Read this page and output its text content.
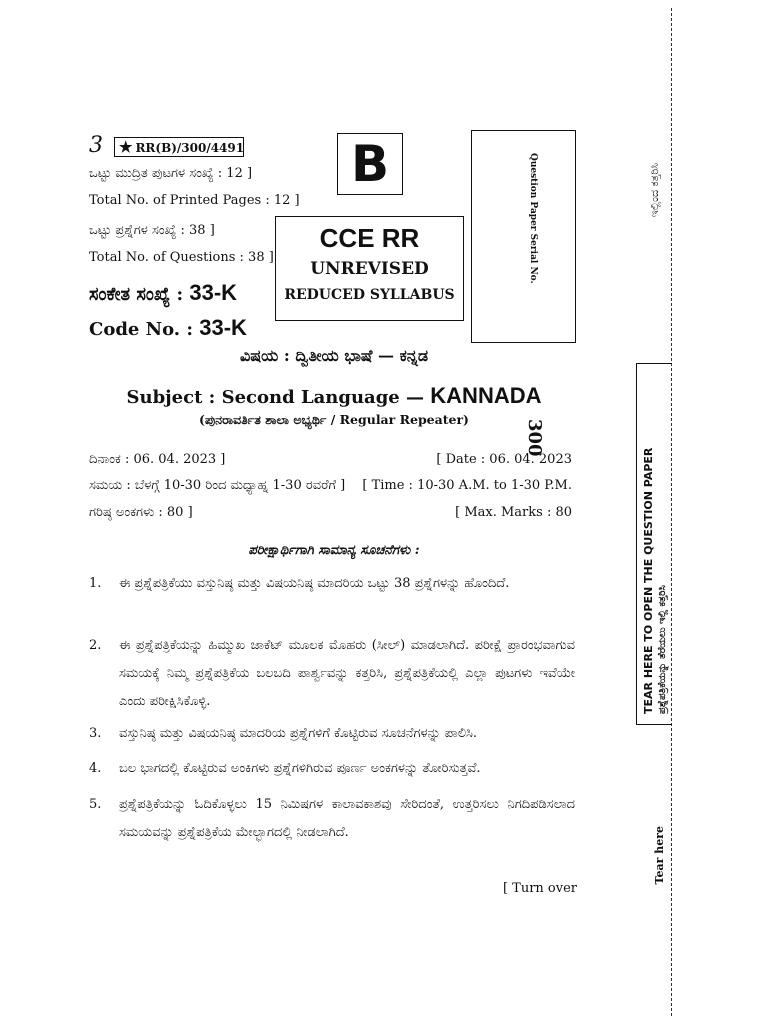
3	★ RR(B)/300/4491
ಒಟ್ಟು ಮುದ್ರಿತ ಪುಟಗಳ ಸಂಖ್ಯೆ : 12 ]
Total No. of Printed Pages : 12 ]
ಒಟ್ಟು ಪ್ರಶ್ನೆಗಳ ಸಂಖ್ಯೆ : 38 ]
Total No. of Questions : 38 ]
ಸಂಕೇತ ಸಂಖ್ಯೆ : 33-K
Code No. : 33-K
B
CCE RR
UNREVISED
REDUCED SYLLABUS
Question Paper Serial No.
300
ವಿಷಯ : ದ್ವಿತೀಯ ಭಾಷೆ — ಕನ್ನಡ
Subject : Second Language — KANNADA
(ಪುನರಾವರ್ತಿತ ಶಾಲಾ ಅಭ್ಯರ್ಥಿ / Regular Repeater)
ದಿನಾಂಕ : 06. 04. 2023 ]	[ Date : 06. 04. 2023
ಸಮಯ : ಬೆಳಗ್ಗೆ 10-30 ರಿಂದ ಮಧ್ಯಾಹ್ನ 1-30 ರವರೆಗೆ ] [ Time : 10-30 A.M. to 1-30 P.M.
ಗರಿಷ್ಠ ಅಂಕಗಳು : 80 ]	[ Max. Marks : 80
ಪರೀಕ್ಷಾರ್ಥಿಗಾಗಿ ಸಾಮಾನ್ಯ ಸೂಚನೆಗಳು :
1. ಈ ಪ್ರಶ್ನೆಪತ್ರಿಕೆಯು ವಸ್ತುನಿಷ್ಠ ಮತ್ತು ವಿಷಯನಿಷ್ಠ ಮಾದರಿಯ ಒಟ್ಟು 38 ಪ್ರಶ್ನೆಗಳನ್ನು ಹೊಂದಿದೆ.
2. ಈ ಪ್ರಶ್ನೆಪತ್ರಿಕೆಯನ್ನು ಹಿಮ್ಮುಖ ಜಾಕೆಟ್ ಮೂಲಕ ಮೊಹರು (ಸೀಲ್) ಮಾಡಲಾಗಿದೆ. ಪರೀಕ್ಷೆ ಪ್ರಾರಂಭವಾಗುವ ಸಮಯಕ್ಕೆ ನಿಮ್ಮ ಪ್ರಶ್ನೆಪತ್ರಿಕೆಯ ಬಲಬದಿ ಪಾರ್ಶ್ವವನ್ನು ಕತ್ತರಿಸಿ, ಪ್ರಶ್ನೆಪತ್ರಿಕೆಯಲ್ಲಿ ಎಲ್ಲಾ ಪುಟಗಳು ಇವೆಯೇ ಎಂದು ಪರೀಕ್ಷಿಸಿಕೊಳ್ಳಿ.
3. ವಸ್ತುನಿಷ್ಠ ಮತ್ತು ವಿಷಯನಿಷ್ಠ ಮಾದರಿಯ ಪ್ರಶ್ನೆಗಳಿಗೆ ಕೊಟ್ಟಿರುವ ಸೂಚನೆಗಳನ್ನು ಪಾಲಿಸಿ.
4. ಬಲ ಭಾಗದಲ್ಲಿ ಕೊಟ್ಟಿರುವ ಅಂಕಿಗಳು ಪ್ರಶ್ನೆಗಳಿಗಿರುವ ಪೂರ್ಣ ಅಂಕಗಳನ್ನು ತೋರಿಸುತ್ತವೆ.
5. ಪ್ರಶ್ನೆಪತ್ರಿಕೆಯನ್ನು ಓದಿಕೊಳ್ಳಲು 15 ನಿಮಿಷಗಳ ಕಾಲಾವಕಾಶವು ಸೇರಿದಂತೆ, ಉತ್ತರಿಸಲು ನಿಗದಿಪಡಿಸಲಾದ ಸಮಯವನ್ನು ಪ್ರಶ್ನೆಪತ್ರಿಕೆಯ ಮೇಲ್ಭಾಗದಲ್ಲಿ ನೀಡಲಾಗಿದೆ.
[ Turn over
ಇಲ್ಲಿಂದ ಕತ್ತರಿಸಿ
TEAR HERE TO OPEN THE QUESTION PAPER ಪ್ರಶ್ನೆಪತ್ರಿಕೆಯನ್ನು ತೆರೆಯಲು ಇಲ್ಲಿ ಕತ್ತರಿಸಿ
Tear here
